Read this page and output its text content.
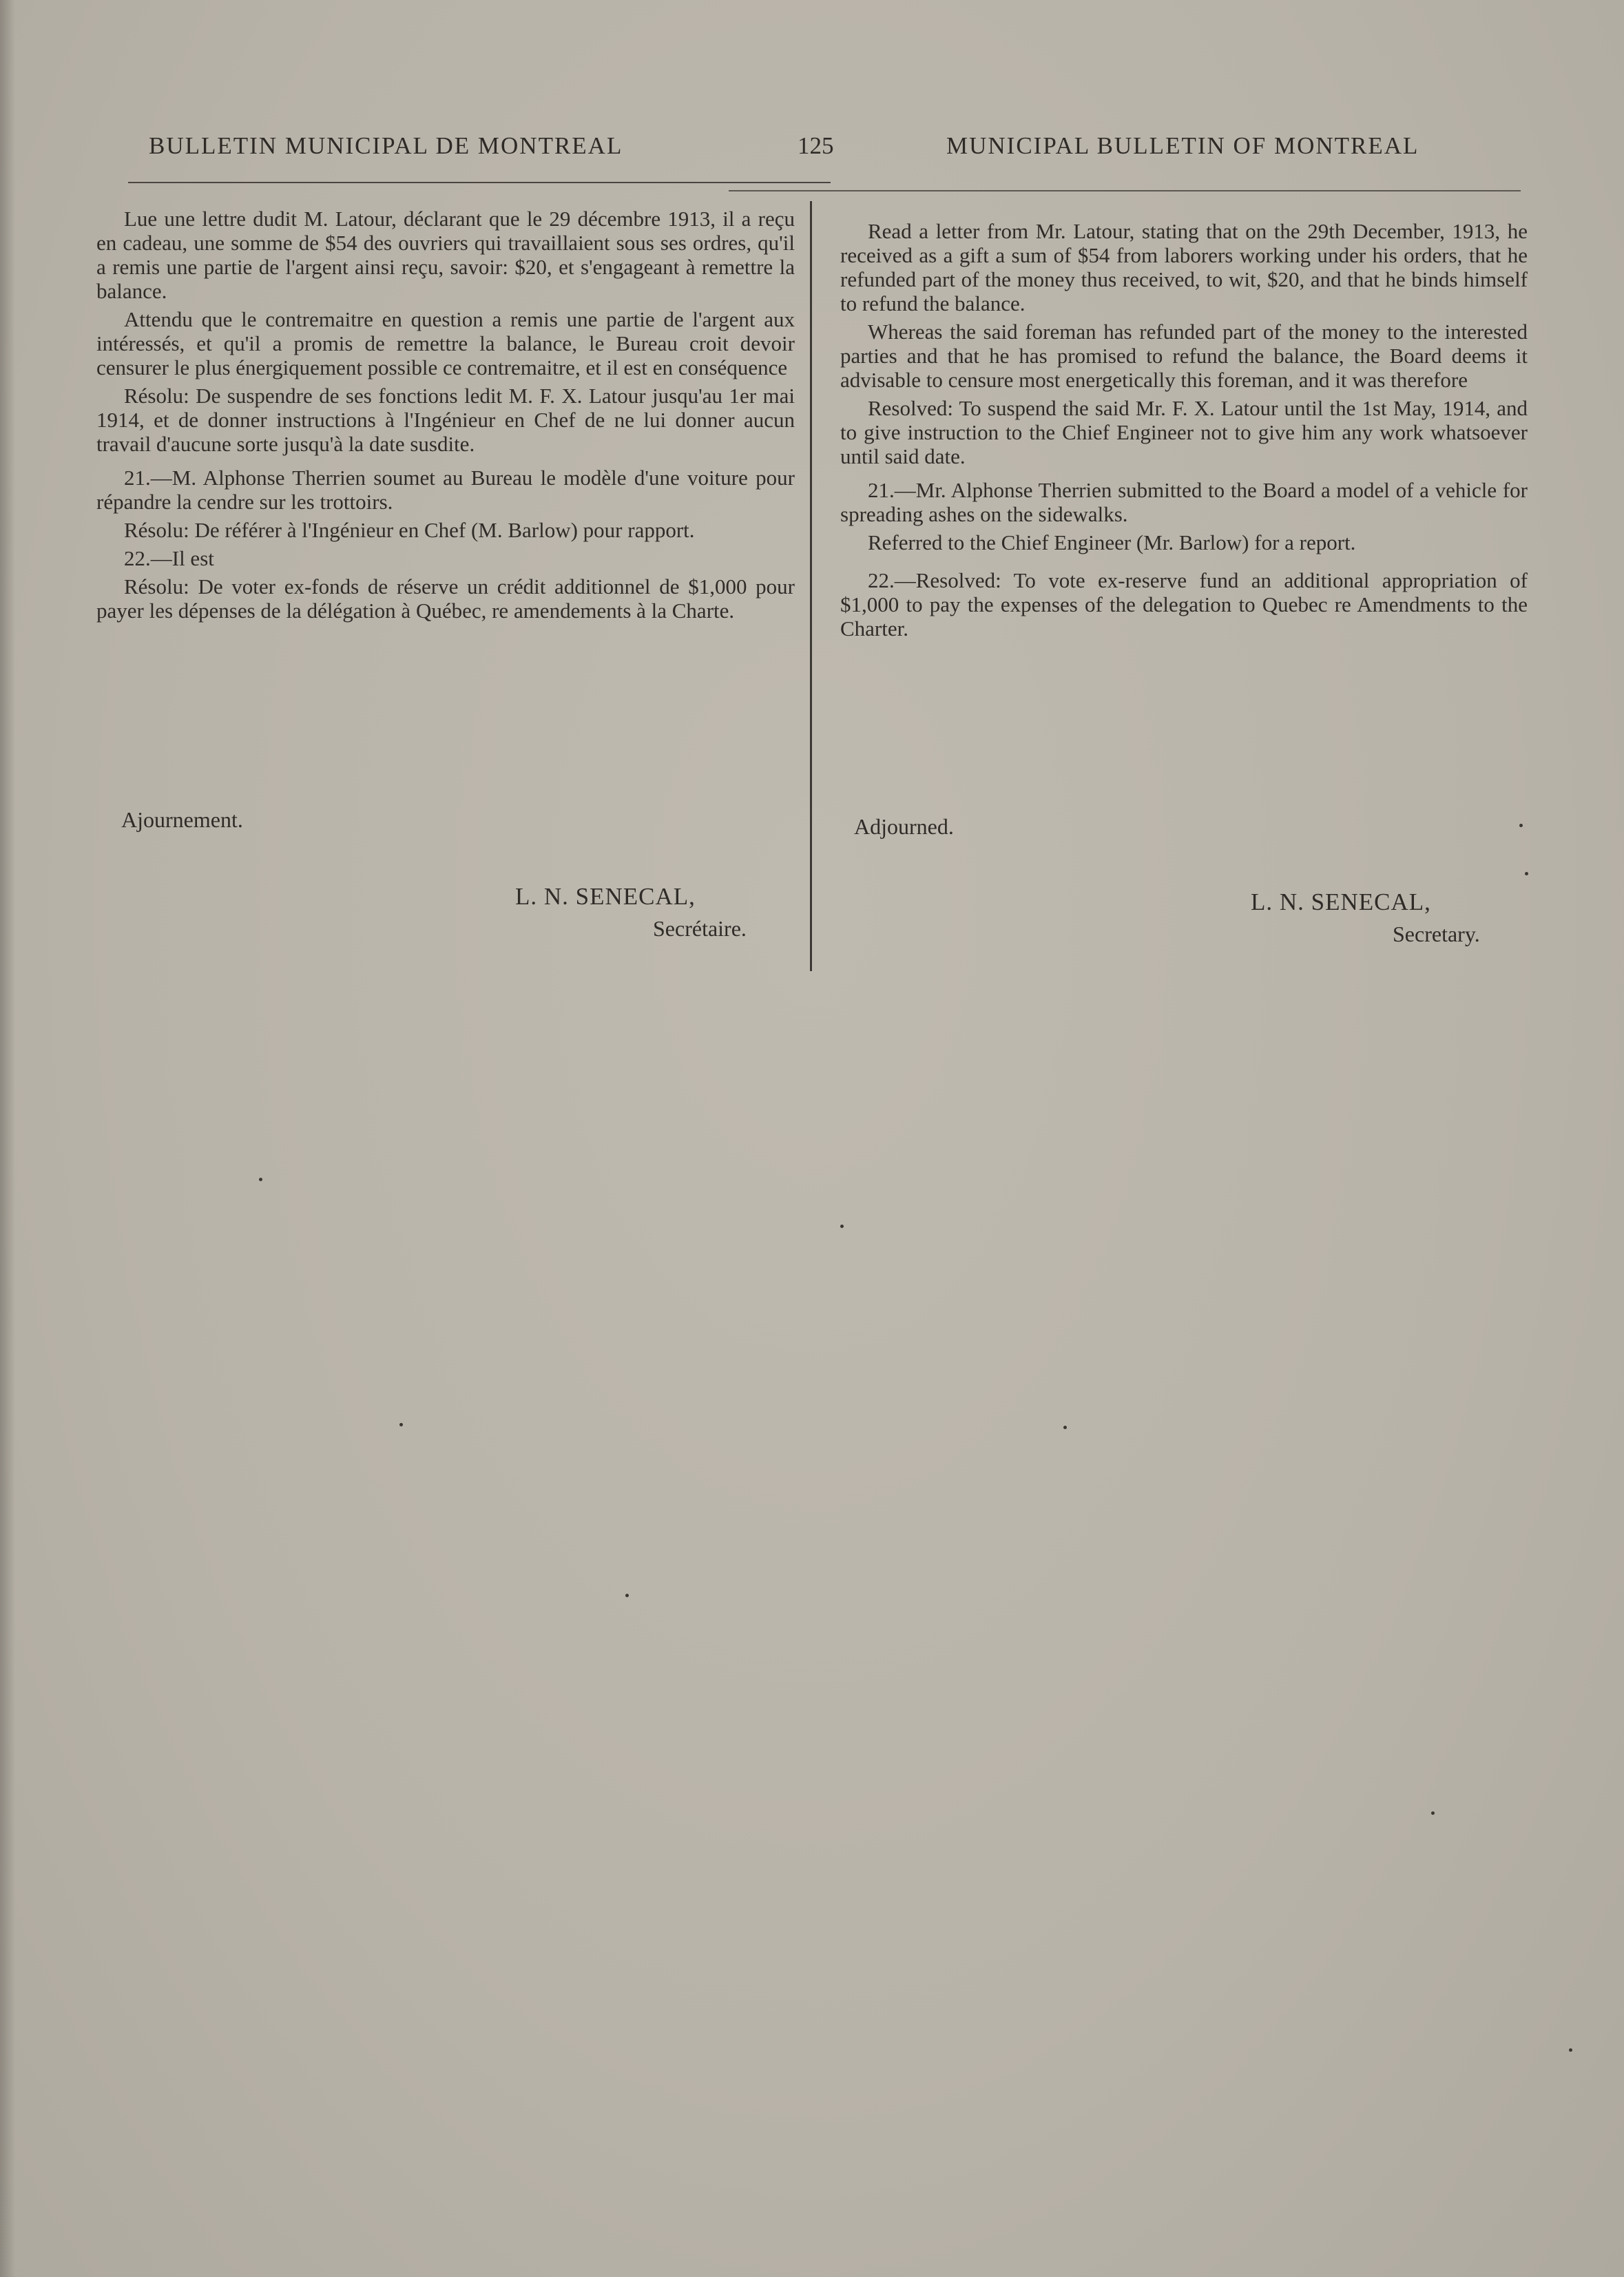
BULLETIN MUNICIPAL DE MONTREAL	125	MUNICIPAL BULLETIN OF MONTREAL

Lue une lettre dudit M. Latour, déclarant que le 29 décembre 1913, il a reçu en cadeau, une somme de $54 des ouvriers qui travaillaient sous ses ordres, qu'il a remis une partie de l'argent ainsi reçu, savoir: $20, et s'engageant à remettre la balance.

Attendu que le contremaitre en question a remis une partie de l'argent aux intéressés, et qu'il a promis de remettre la balance, le Bureau croit devoir censurer le plus énergiquement possible ce contremaitre, et il est en conséquence

Résolu: De suspendre de ses fonctions ledit M. F. X. Latour jusqu'au 1er mai 1914, et de donner instructions à l'Ingénieur en Chef de ne lui donner aucun travail d'aucune sorte jusqu'à la date susdite.

21.—M. Alphonse Therrien soumet au Bureau le modèle d'une voiture pour répandre la cendre sur les trottoirs.

Résolu: De référer à l'Ingénieur en Chef (M. Barlow) pour rapport.

22.—Il est

Résolu: De voter ex-fonds de réserve un crédit additionnel de $1,000 pour payer les dépenses de la délégation à Québec, re amendements à la Charte.

Read a letter from Mr. Latour, stating that on the 29th December, 1913, he received as a gift a sum of $54 from laborers working under his orders, that he refunded part of the money thus received, to wit, $20, and that he binds himself to refund the balance.

Whereas the said foreman has refunded part of the money to the interested parties and that he has promised to refund the balance, the Board deems it advisable to censure most energetically this foreman, and it was therefore

Resolved: To suspend the said Mr. F. X. Latour until the 1st May, 1914, and to give instruction to the Chief Engineer not to give him any work whatsoever until said date.

21.—Mr. Alphonse Therrien submitted to the Board a model of a vehicle for spreading ashes on the sidewalks.

Referred to the Chief Engineer (Mr. Barlow) for a report.

22.—Resolved: To vote ex-reserve fund an additional appropriation of $1,000 to pay the expenses of the delegation to Quebec re Amendments to the Charter.

Ajournement.
L. N. SENECAL,
Secrétaire.
Adjourned.
L. N. SENECAL,
Secretary.
